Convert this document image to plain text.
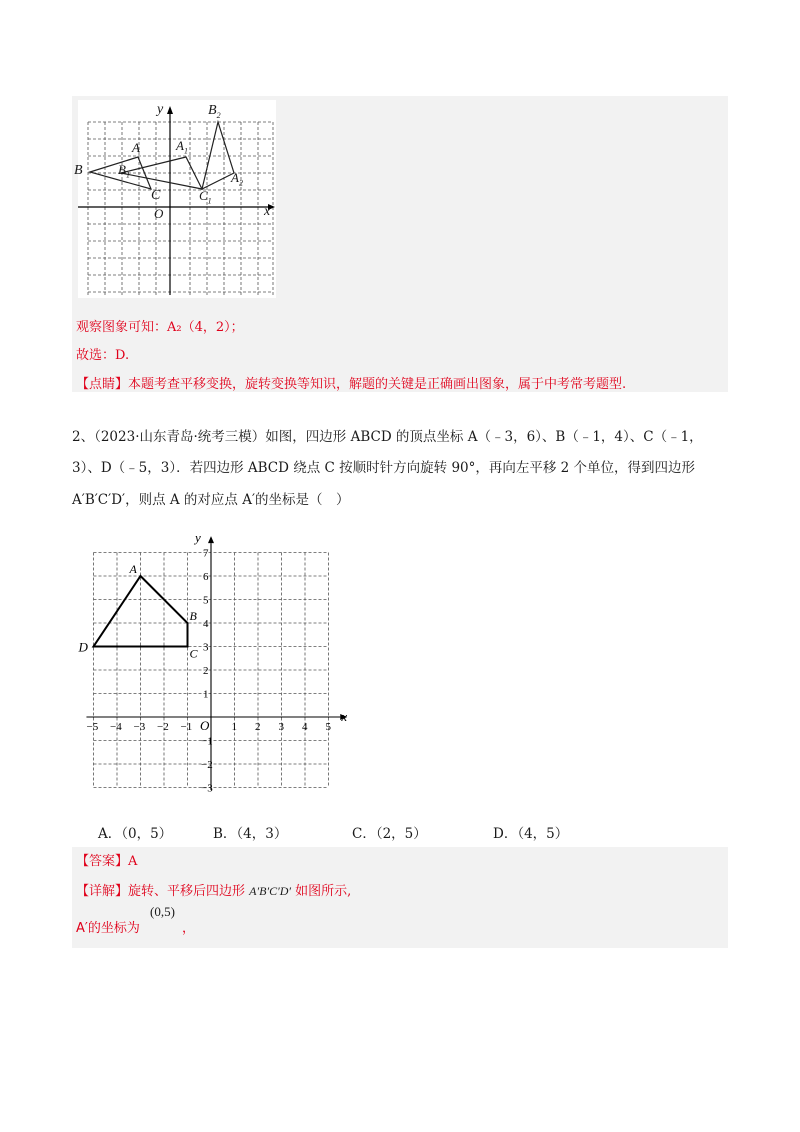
y
x
O
A
B
C
$A_1$
$B_1$
$C_1$
$A_2$
$B_2$
观察图象可知：A₂（4，2）；
故选：D.
【点睛】本题考查平移变换，旋转变换等知识，解题的关键是正确画出图象，属于中考常考题型.
2、（2023·山东青岛·统考三模）如图，四边形 ABCD 的顶点坐标 A（﹣3，6）、B（﹣1，4）、C（﹣1，
3）、D（﹣5，3）．若四边形 ABCD 绕点 C 按顺时针方向旋转 90°，再向左平移 2 个单位，得到四边形
A′B′C′D′，则点 A 的对应点 A′的坐标是（　）
x
y
O
−5 −4 −3 −2 −1	1 2 3 4 5
7
6
5
4
3
2
1
−1
−2
−3
A
B
C
D
A．（0，5）	B．（4，3）	C．（2，5）	D．（4，5）
【答案】A
【详解】旋转、平移后四边形 A′B′C′D′ 如图所示,
A′的坐标为
(0,5)
，
